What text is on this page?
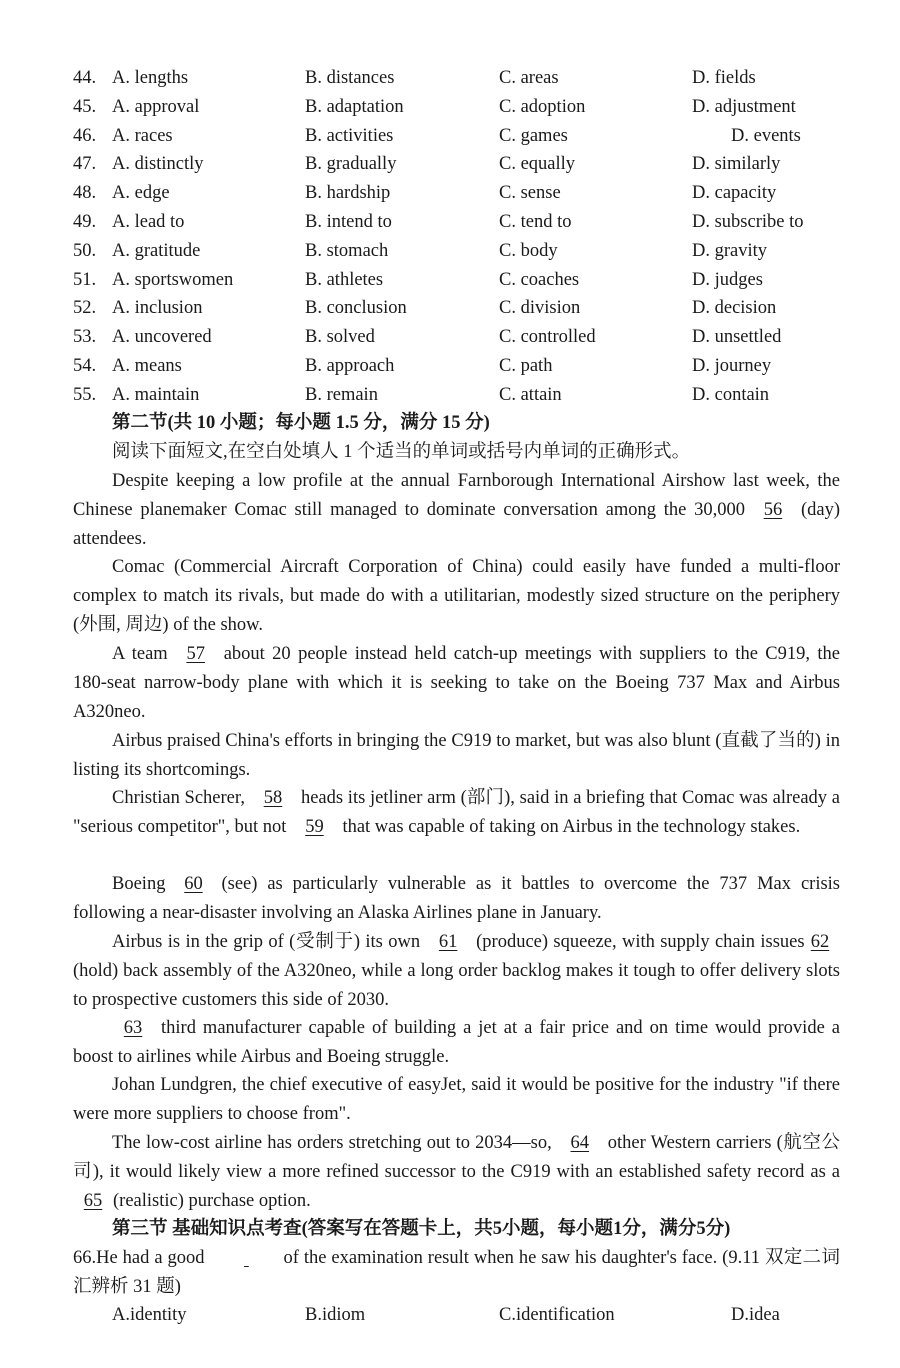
44. A. lengths	B. distances	C. areas	D. fields
45. A. approval	B. adaptation	C. adoption	D. adjustment
46. A. races	B. activities	C. games	D. events
47. A. distinctly	B. gradually	C. equally	D. similarly
48. A. edge	B. hardship	C. sense	D. capacity
49. A. lead to	B. intend to	C. tend to	D. subscribe to
50. A. gratitude	B. stomach	C. body	D. gravity
51. A. sportswomen	B. athletes	C. coaches	D. judges
52. A. inclusion	B. conclusion	C. division	D. decision
53. A. uncovered	B. solved	C. controlled	D. unsettled
54. A. means	B. approach	C. path	D. journey
55. A. maintain	B. remain	C. attain	D. contain
第二节(共 10 小题；每小题 1.5 分，满分 15 分)
阅读下面短文,在空白处填人 1 个适当的单词或括号内单词的正确形式。
Despite keeping a low profile at the annual Farnborough International Airshow last week, the Chinese planemaker Comac still managed to dominate conversation among the 30,000 56 (day) attendees.
Comac (Commercial Aircraft Corporation of China) could easily have funded a multi-floor complex to match its rivals, but made do with a utilitarian, modestly sized structure on the periphery (外围, 周边) of the show.
A team 57 about 20 people instead held catch-up meetings with suppliers to the C919, the 180-seat narrow-body plane with which it is seeking to take on the Boeing 737 Max and Airbus A320neo.
Airbus praised China's efforts in bringing the C919 to market, but was also blunt (直截了当的) in listing its shortcomings.
Christian Scherer, 58 heads its jetliner arm (部门), said in a briefing that Comac was already a "serious competitor", but not 59 that was capable of taking on Airbus in the technology stakes.
Boeing 60 (see) as particularly vulnerable as it battles to overcome the 737 Max crisis following a near-disaster involving an Alaska Airlines plane in January.
Airbus is in the grip of (受制于) its own 61 (produce) squeeze, with supply chain issues 62(hold) back assembly of the A320neo, while a long order backlog makes it tough to offer delivery slots to prospective customers this side of 2030.
63 third manufacturer capable of building a jet at a fair price and on time would provide a boost to airlines while Airbus and Boeing struggle.
Johan Lundgren, the chief executive of easyJet, said it would be positive for the industry "if there were more suppliers to choose from".
The low-cost airline has orders stretching out to 2034—so, 64 other Western carriers (航空公司), it would likely view a more refined successor to the C919 with an established safety record as a65 (realistic) purchase option.
第三节 基础知识点考查(答案写在答题卡上，共5小题，每小题1分，满分5分)
66.He had a good	of the examination result when he saw his daughter's face. (9.11 双定二词汇辨析 31 题)
A.identity	B.idiom	C.identification	D.idea
